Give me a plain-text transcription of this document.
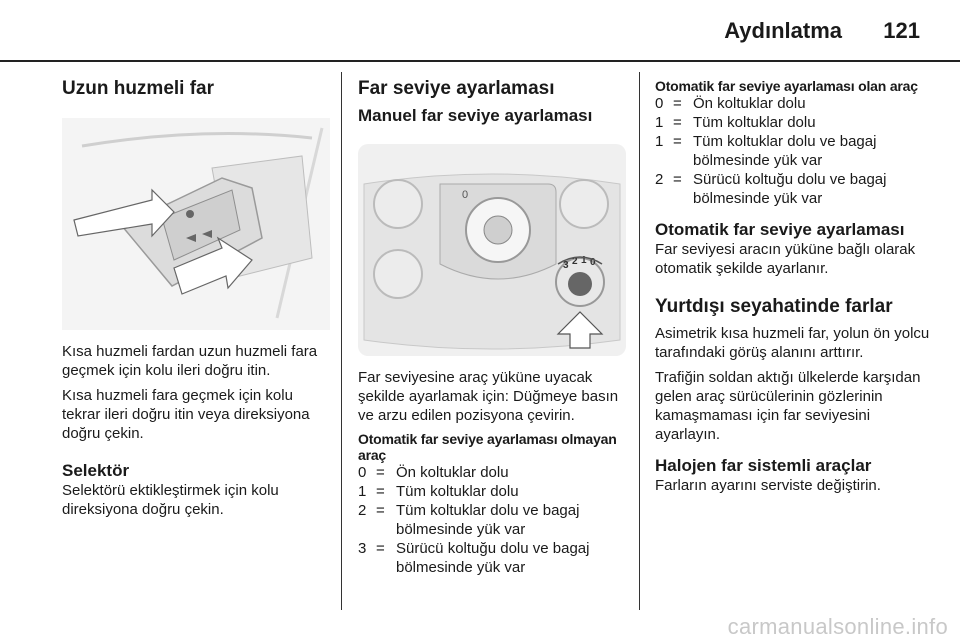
Aydınlatma 121
Uzun huzmeli far

Kısa huzmeli fardan uzun huzmeli fara geçmek için kolu ileri doğru itin.

Kısa huzmeli fara geçmek için kolu tekrar ileri doğru itin veya direksiyona doğru çekin.

Selektör

Selektörü ektikleştirmek için kolu direksiyona doğru çekin.

Far seviye ayarlaması
Manuel far seviye ayarlaması
0
3 2 1 0

Far seviyesine araç yüküne uyacak şekilde ayarlamak için: Düğmeye basın ve arzu edilen pozisyona çevirin.

Otomatik far seviye ayarlaması olmayan araç
0 = Ön koltuklar dolu
1 = Tüm koltuklar dolu
2 = Tüm koltuklar dolu ve bagaj bölmesinde yük var
3 = Sürücü koltuğu dolu ve bagaj bölmesinde yük var
Otomatik far seviye ayarlaması olan araç
0 = Ön koltuklar dolu
1 = Tüm koltuklar dolu
1 = Tüm koltuklar dolu ve bagaj bölmesinde yük var
2 = Sürücü koltuğu dolu ve bagaj bölmesinde yük var
Otomatik far seviye ayarlaması

Far seviyesi aracın yüküne bağlı olarak otomatik şekilde ayarlanır.

Yurtdışı seyahatinde farlar

Asimetrik kısa huzmeli far, yolun ön yolcu tarafındaki görüş alanını arttırır.

Trafiğin soldan aktığı ülkelerde karşıdan gelen araç sürücülerinin gözlerinin kamaşmaması için far seviyesini ayarlayın.

Halojen far sistemli araçlar

Farların ayarını serviste değiştirin.

carmanualsonline.info
